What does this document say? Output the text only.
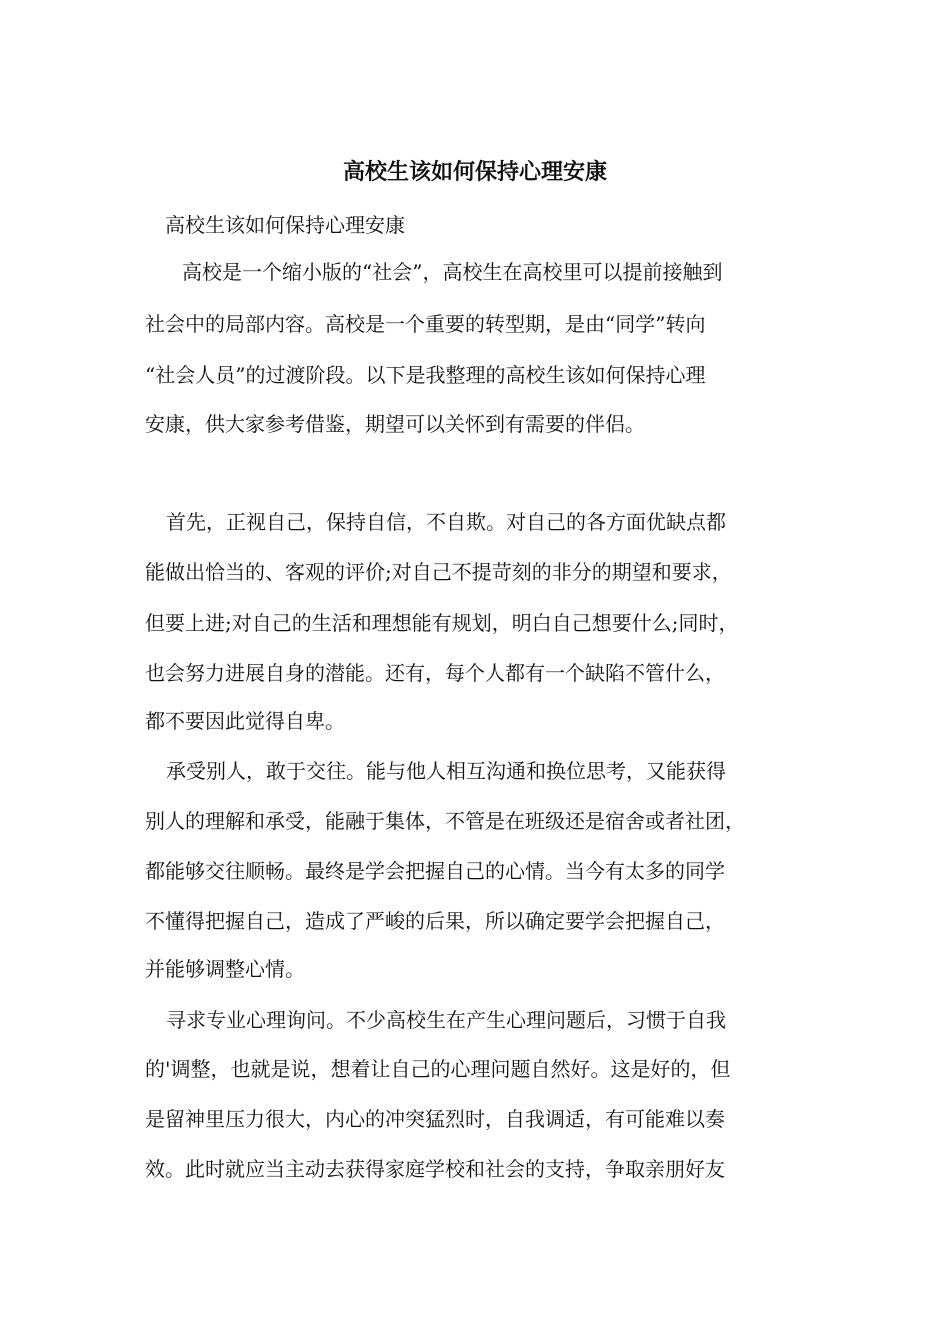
高校生该如何保持心理安康
高校生该如何保持心理安康
高校是一个缩小版的“社会”，高校生在高校里可以提前接触到
社会中的局部内容。高校是一个重要的转型期，是由“同学”转向
“社会人员”的过渡阶段。以下是我整理的高校生该如何保持心理
安康，供大家参考借鉴，期望可以关怀到有需要的伴侣。
首先，正视自己，保持自信，不自欺。对自己的各方面优缺点都
能做出恰当的、客观的评价;对自己不提苛刻的非分的期望和要求，
但要上进;对自己的生活和理想能有规划，明白自己想要什么;同时，
也会努力进展自身的潜能。还有，每个人都有一个缺陷不管什么，
都不要因此觉得自卑。
承受别人，敢于交往。能与他人相互沟通和换位思考，又能获得
别人的理解和承受，能融于集体，不管是在班级还是宿舍或者社团，
都能够交往顺畅。最终是学会把握自己的心情。当今有太多的同学
不懂得把握自己，造成了严峻的后果，所以确定要学会把握自己，
并能够调整心情。
寻求专业心理询问。不少高校生在产生心理问题后，习惯于自我
的'调整，也就是说，想着让自己的心理问题自然好。这是好的，但
是留神里压力很大，内心的冲突猛烈时，自我调适，有可能难以奏
效。此时就应当主动去获得家庭学校和社会的支持，争取亲朋好友
